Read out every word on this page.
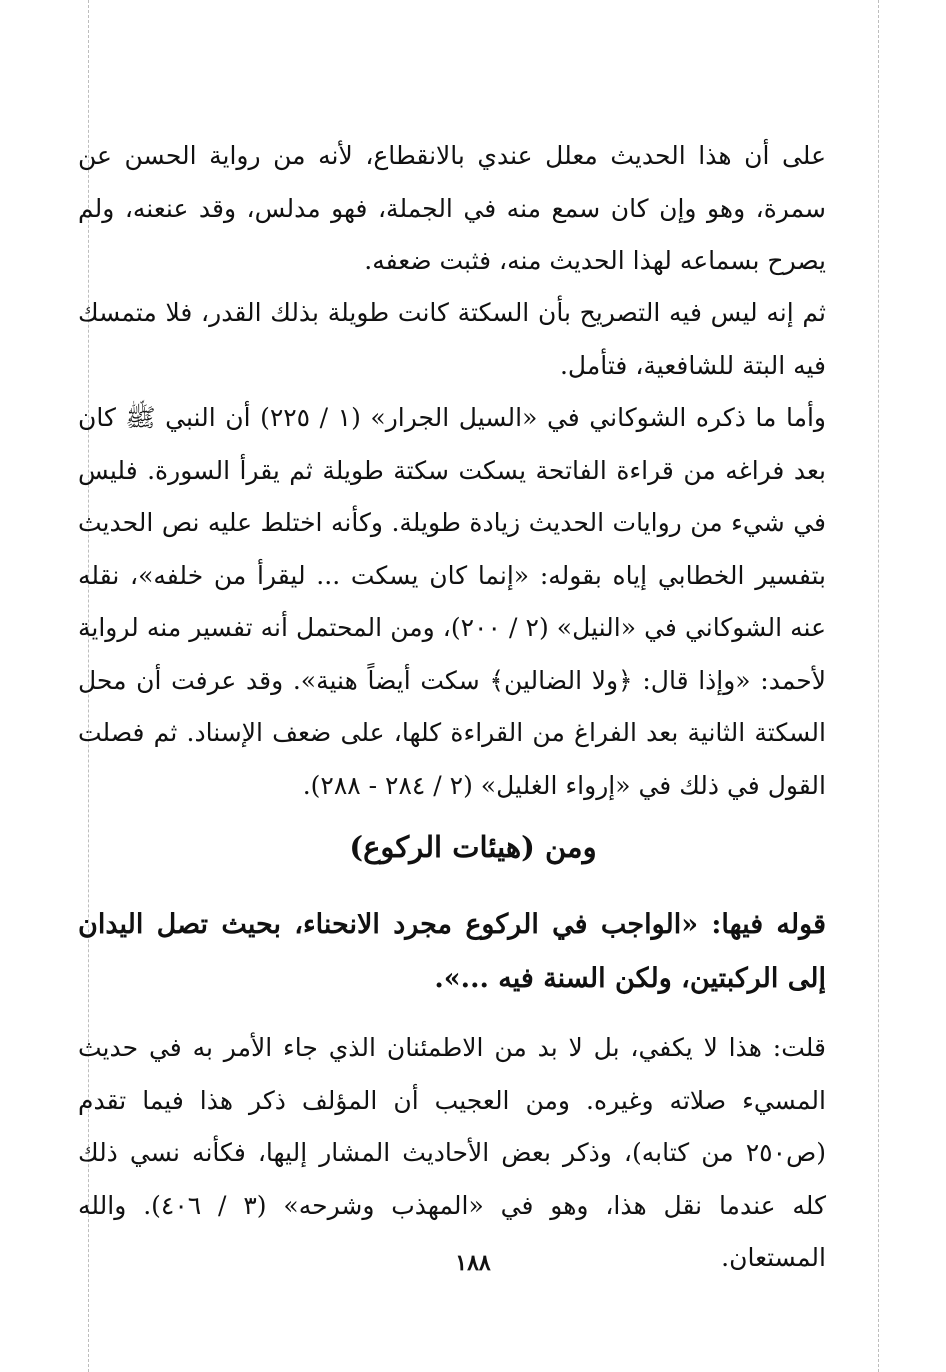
على أن هذا الحديث معلل عندي بالانقطاع، لأنه من رواية الحسن عن سمرة، وهو وإن كان سمع منه في الجملة، فهو مدلس، وقد عنعنه، ولم يصرح بسماعه لهذا الحديث منه، فثبت ضعفه.

ثم إنه ليس فيه التصريح بأن السكتة كانت طويلة بذلك القدر، فلا متمسك فيه البتة للشافعية، فتأمل.

وأما ما ذكره الشوكاني في «السيل الجرار» (١ / ٢٢٥) أن النبي ﷺ كان بعد فراغه من قراءة الفاتحة يسكت سكتة طويلة ثم يقرأ السورة. فليس في شيء من روايات الحديث زيادة طويلة. وكأنه اختلط عليه نص الحديث بتفسير الخطابي إياه بقوله: «إنما كان يسكت ... ليقرأ من خلفه»، نقله عنه الشوكاني في «النيل» (٢ / ٢٠٠)، ومن المحتمل أنه تفسير منه لرواية لأحمد: «وإذا قال: ﴿ولا الضالين﴾ سكت أيضاً هنية». وقد عرفت أن محل السكتة الثانية بعد الفراغ من القراءة كلها، على ضعف الإسناد. ثم فصلت القول في ذلك في «إرواء الغليل» (٢ / ٢٨٤ - ٢٨٨).

ومن (هيئات الركوع)

قوله فيها: «الواجب في الركوع مجرد الانحناء، بحيث تصل اليدان إلى الركبتين، ولكن السنة فيه ...».

قلت: هذا لا يكفي، بل لا بد من الاطمئنان الذي جاء الأمر به في حديث المسيء صلاته وغيره. ومن العجيب أن المؤلف ذكر هذا فيما تقدم (ص٢٥٠ من كتابه)، وذكر بعض الأحاديث المشار إليها، فكأنه نسي ذلك كله عندما نقل هذا، وهو في «المهذب وشرحه» (٣ / ٤٠٦). والله المستعان.

١٨٨
